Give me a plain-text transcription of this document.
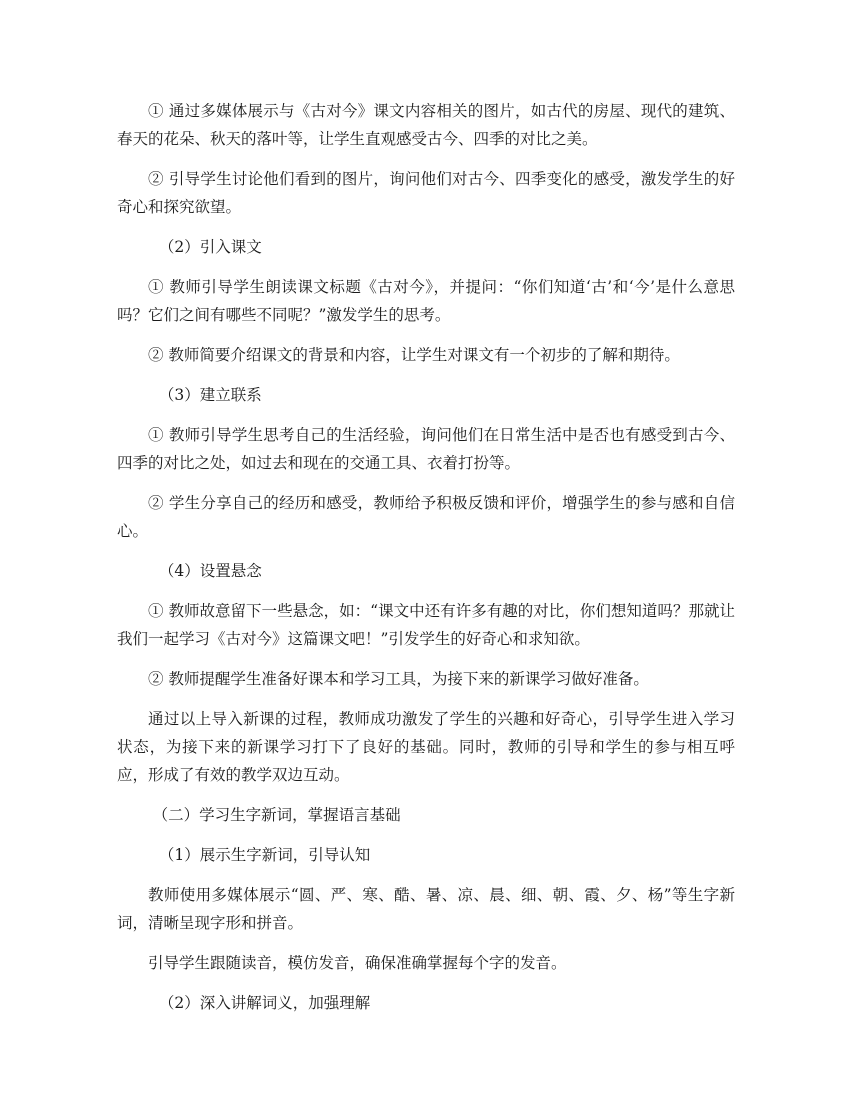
① 通过多媒体展示与《古对今》课文内容相关的图片，如古代的房屋、现代的建筑、春天的花朵、秋天的落叶等，让学生直观感受古今、四季的对比之美。

② 引导学生讨论他们看到的图片，询问他们对古今、四季变化的感受，激发学生的好奇心和探究欲望。

（2）引入课文

① 教师引导学生朗读课文标题《古对今》，并提问：“你们知道‘古’和‘今’是什么意思吗？它们之间有哪些不同呢？”激发学生的思考。

② 教师简要介绍课文的背景和内容，让学生对课文有一个初步的了解和期待。

（3）建立联系

① 教师引导学生思考自己的生活经验，询问他们在日常生活中是否也有感受到古今、四季的对比之处，如过去和现在的交通工具、衣着打扮等。

② 学生分享自己的经历和感受，教师给予积极反馈和评价，增强学生的参与感和自信心。

（4）设置悬念

① 教师故意留下一些悬念，如：“课文中还有许多有趣的对比，你们想知道吗？那就让我们一起学习《古对今》这篇课文吧！”引发学生的好奇心和求知欲。

② 教师提醒学生准备好课本和学习工具，为接下来的新课学习做好准备。

通过以上导入新课的过程，教师成功激发了学生的兴趣和好奇心，引导学生进入学习状态，为接下来的新课学习打下了良好的基础。同时，教师的引导和学生的参与相互呼应，形成了有效的教学双边互动。

（二）学习生字新词，掌握语言基础

（1）展示生字新词，引导认知

教师使用多媒体展示“圆、严、寒、酷、暑、凉、晨、细、朝、霞、夕、杨”等生字新词，清晰呈现字形和拼音。

引导学生跟随读音，模仿发音，确保准确掌握每个字的发音。

（2）深入讲解词义，加强理解
